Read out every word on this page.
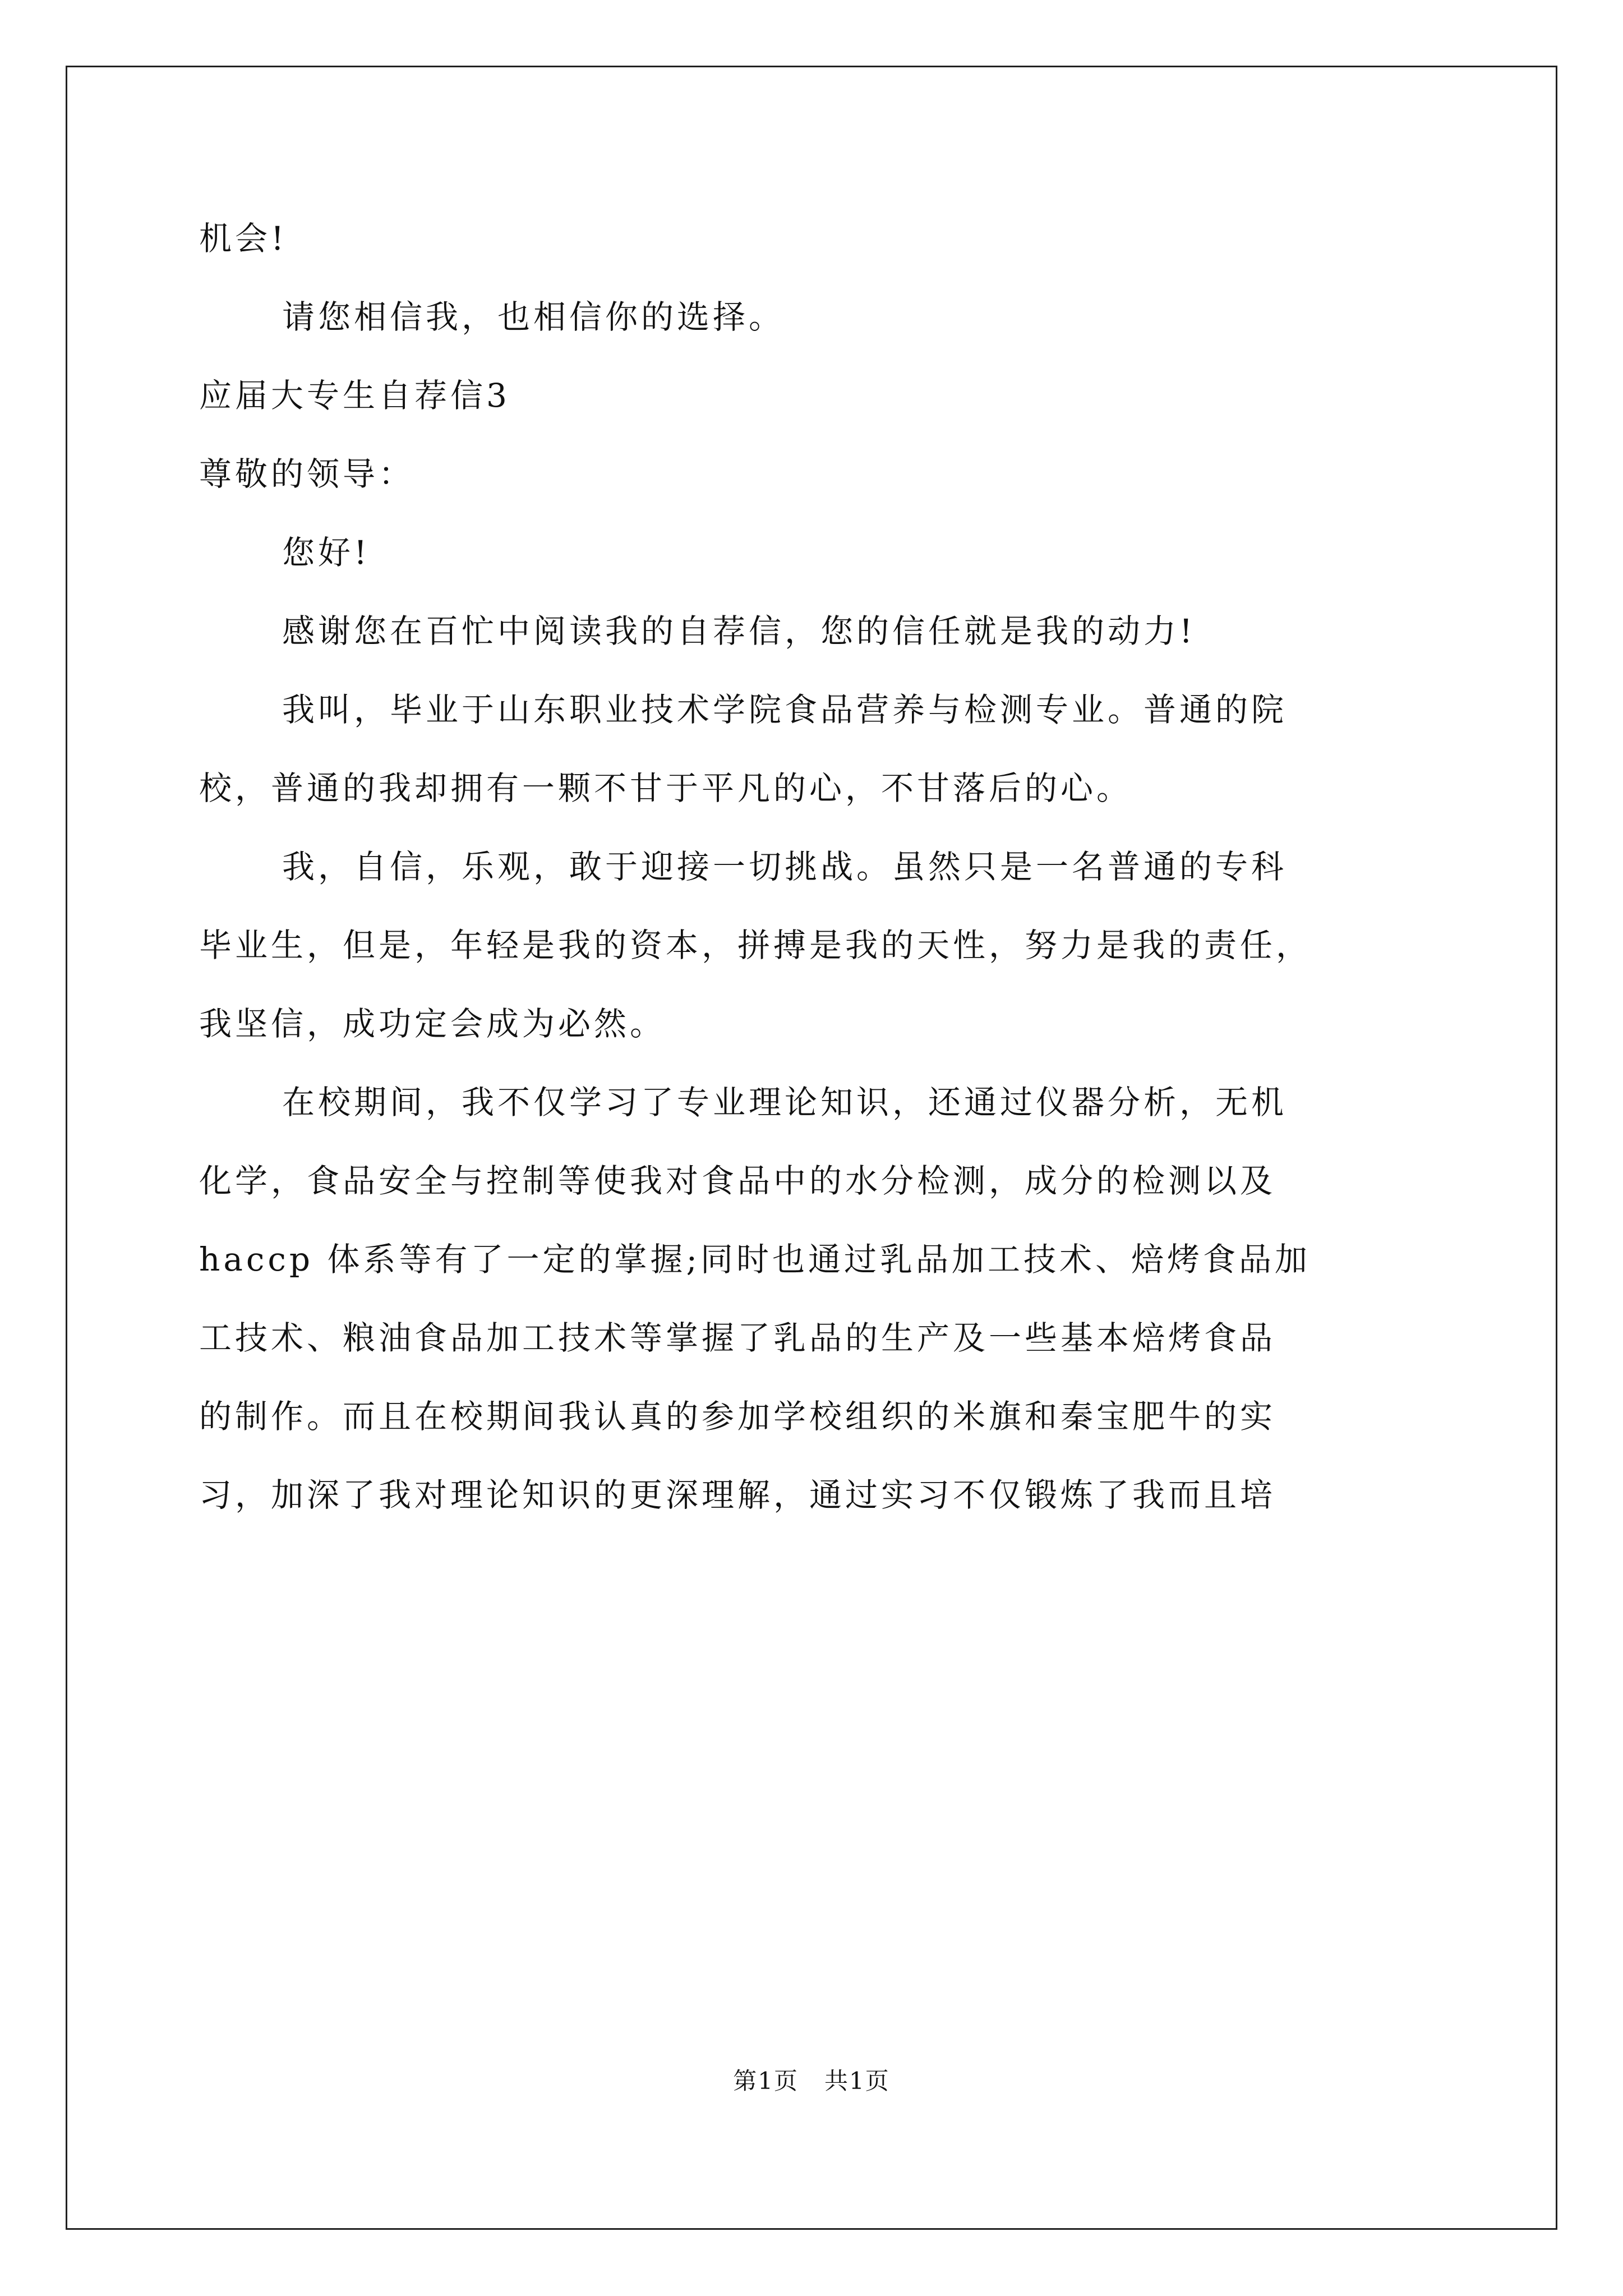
机会!

请您相信我，也相信你的选择。

应届大专生自荐信3

尊敬的领导：

您好!

感谢您在百忙中阅读我的自荐信，您的信任就是我的动力!

我叫，毕业于山东职业技术学院食品营养与检测专业。普通的院

校，普通的我却拥有一颗不甘于平凡的心，不甘落后的心。

我，自信，乐观，敢于迎接一切挑战。虽然只是一名普通的专科

毕业生，但是，年轻是我的资本，拼搏是我的天性，努力是我的责任，

我坚信，成功定会成为必然。

在校期间，我不仅学习了专业理论知识，还通过仪器分析，无机

化学，食品安全与控制等使我对食品中的水分检测，成分的检测以及

haccp 体系等有了一定的掌握;同时也通过乳品加工技术、焙烤食品加

工技术、粮油食品加工技术等掌握了乳品的生产及一些基本焙烤食品

的制作。而且在校期间我认真的参加学校组织的米旗和秦宝肥牛的实

习，加深了我对理论知识的更深理解，通过实习不仅锻炼了我而且培

第1页 共1页
